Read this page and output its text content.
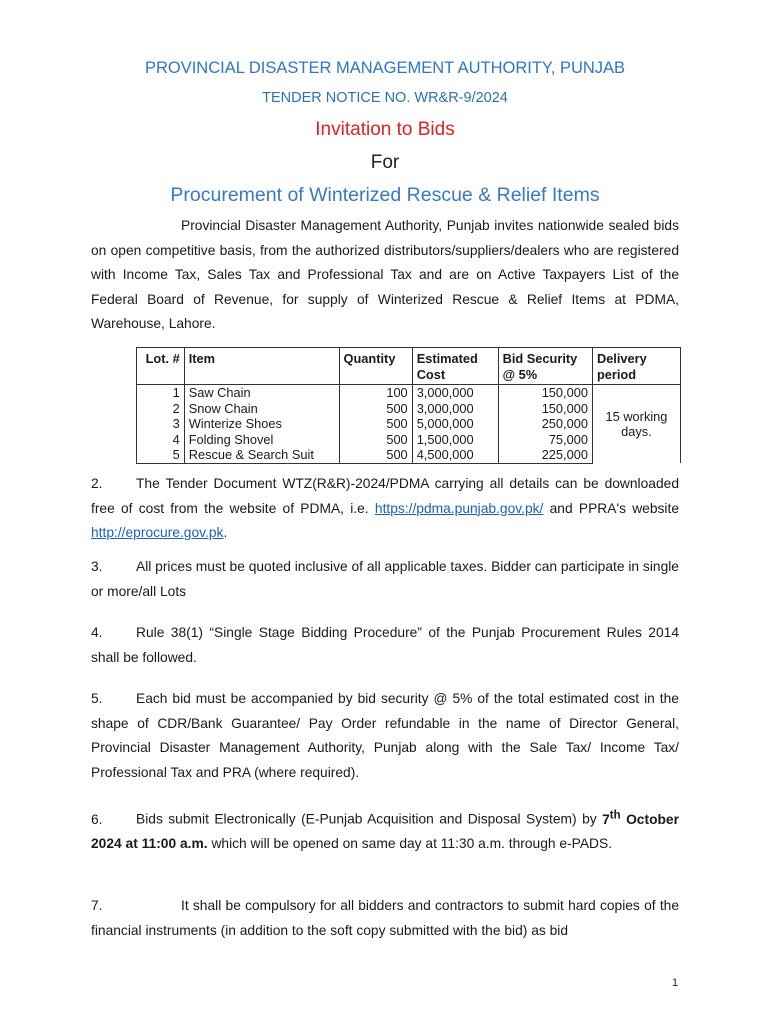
PROVINCIAL DISASTER MANAGEMENT AUTHORITY, PUNJAB
TENDER NOTICE NO. WR&R-9/2024
Invitation to Bids
For
Procurement of Winterized Rescue & Relief Items

Provincial Disaster Management Authority, Punjab invites nationwide sealed bids on open competitive basis, from the authorized distributors/suppliers/dealers who are registered with Income Tax, Sales Tax and Professional Tax and are on Active Taxpayers List of the Federal Board of Revenue, for supply of Winterized Rescue & Relief Items at PDMA, Warehouse, Lahore.

Lot. #	Item	Quantity	Estimated Cost	Bid Security @ 5%	Delivery period
1	Saw Chain	100	3,000,000	150,000	15 working days.
2	Snow Chain	500	3,000,000	150,000	
3	Winterize Shoes	500	5,000,000	250,000	
4	Folding Shovel	500	1,500,000	75,000	
5	Rescue & Search Suit	500	4,500,000	225,000	

2. The Tender Document WTZ(R&R)-2024/PDMA carrying all details can be downloaded free of cost from the website of PDMA, i.e. https://pdma.punjab.gov.pk/ and PPRA's website http://eprocure.gov.pk.

3. All prices must be quoted inclusive of all applicable taxes. Bidder can participate in single or more/all Lots

4. Rule 38(1) “Single Stage Bidding Procedure” of the Punjab Procurement Rules 2014 shall be followed.

5. Each bid must be accompanied by bid security @ 5% of the total estimated cost in the shape of CDR/Bank Guarantee/ Pay Order refundable in the name of Director General, Provincial Disaster Management Authority, Punjab along with the Sale Tax/ Income Tax/ Professional Tax and PRA (where required).

6. Bids submit Electronically (E-Punjab Acquisition and Disposal System) by 7th October 2024 at 11:00 a.m. which will be opened on same day at 11:30 a.m. through e-PADS.

7.	It shall be compulsory for all bidders and contractors to submit hard copies of the financial instruments (in addition to the soft copy submitted with the bid) as bid

1
